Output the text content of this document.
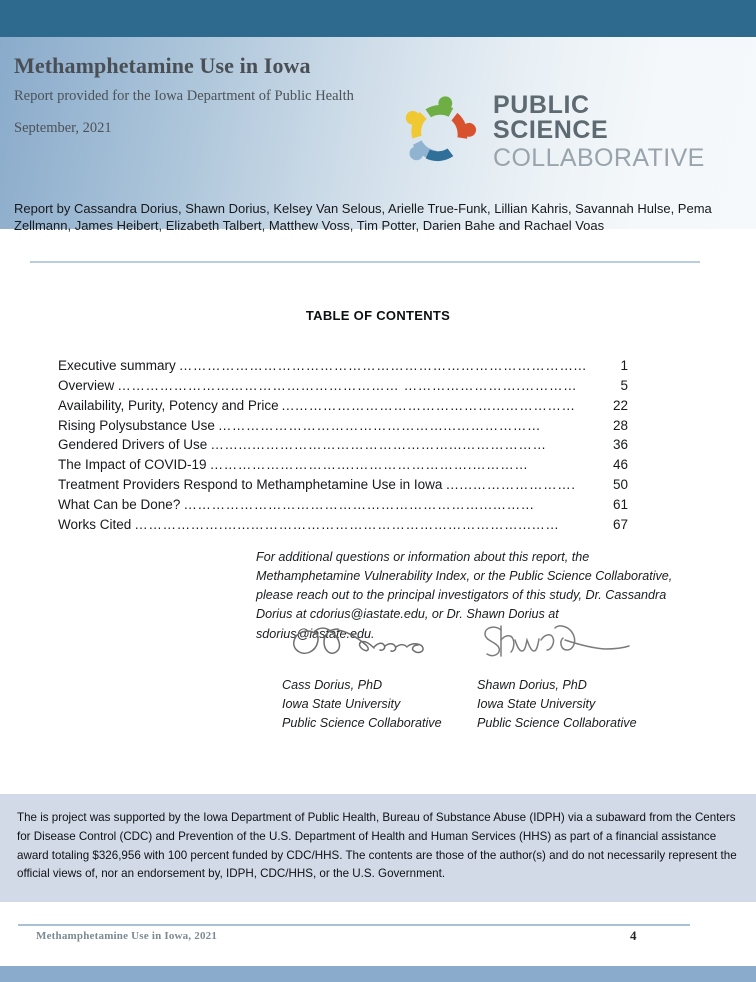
Methamphetamine Use in Iowa

Report provided for the Iowa Department of Public Health

September, 2021

PUBLIC SCIENCE
COLLABORATIVE
Report by Cassandra Dorius, Shawn Dorius, Kelsey Van Selous, Arielle True-Funk, Lillian Kahris, Savannah Hulse, Pema Zellmann, James Heibert, Elizabeth Talbert, Matthew Voss, Tim Potter, Darien Bahe and Rachael Voas
TABLE OF CONTENTS
Executive summary …………………………………………………………………………...	1
Overview …………………………………………………… …………………….…………	5
Availability, Purity, Potency and Price ...……………………………………...……………	22
Rising Polysubstance Use …………………………………………...………………	28
Gendered Drivers of Use ……...……………………………………...………………	36
The Impact of COVID-19 ………………………….…………………….…………	46
Treatment Providers Respond to Methamphetamine Use in Iowa …...………………….	50
What Can be Done? ………………………………………………………...………	61
Works Cited ……………….…...…………………………………………………...……	67
For additional questions or information about this report, the Methamphetamine Vulnerability Index, or the Public Science Collaborative, please reach out to the principal investigators of this study, Dr. Cassandra Dorius at cdorius@iastate.edu, or Dr. Shawn Dorius at sdorius@iastate.edu.
Cass Dorius, PhD
Iowa State University
Public Science Collaborative
Shawn Dorius, PhD
Iowa State University
Public Science Collaborative
The is project was supported by the Iowa Department of Public Health, Bureau of Substance Abuse (IDPH) via a subaward from the Centers for Disease Control (CDC) and Prevention of the U.S. Department of Health and Human Services (HHS) as part of a financial assistance award totaling $326,956 with 100 percent funded by CDC/HHS. The contents are those of the author(s) and do not necessarily represent the official views of, nor an endorsement by, IDPH, CDC/HHS, or the U.S. Government.
Methamphetamine Use in Iowa, 2021	4
